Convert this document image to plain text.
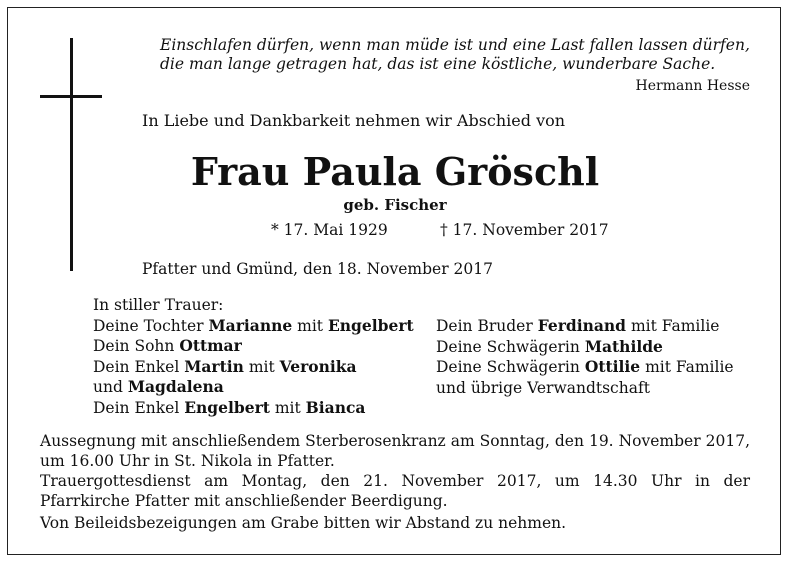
Einschlafen dürfen, wenn man müde ist und eine Last fallen lassen dürfen,
die man lange getragen hat, das ist eine köstliche, wunderbare Sache.
Hermann Hesse
In Liebe und Dankbarkeit nehmen wir Abschied von
Frau Paula Gröschl
geb. Fischer
* 17. Mai 1929	† 17. November 2017
Pfatter und Gmünd, den 18. November 2017
In stiller Trauer:
Deine Tochter Marianne mit Engelbert
Dein Sohn Ottmar
Dein Enkel Martin mit Veronika
und Magdalena
Dein Enkel Engelbert mit Bianca
Dein Bruder Ferdinand mit Familie
Deine Schwägerin Mathilde
Deine Schwägerin Ottilie mit Familie
und übrige Verwandtschaft
Aussegnung mit anschließendem Sterberosenkranz am Sonntag, den 19. November 2017, um 16.00 Uhr in St. Nikola in Pfatter.
Trauergottesdienst am Montag, den 21. November 2017, um 14.30 Uhr in der Pfarrkirche Pfatter mit anschließender Beerdigung.
Von Beileidsbezeigungen am Grabe bitten wir Abstand zu nehmen.
